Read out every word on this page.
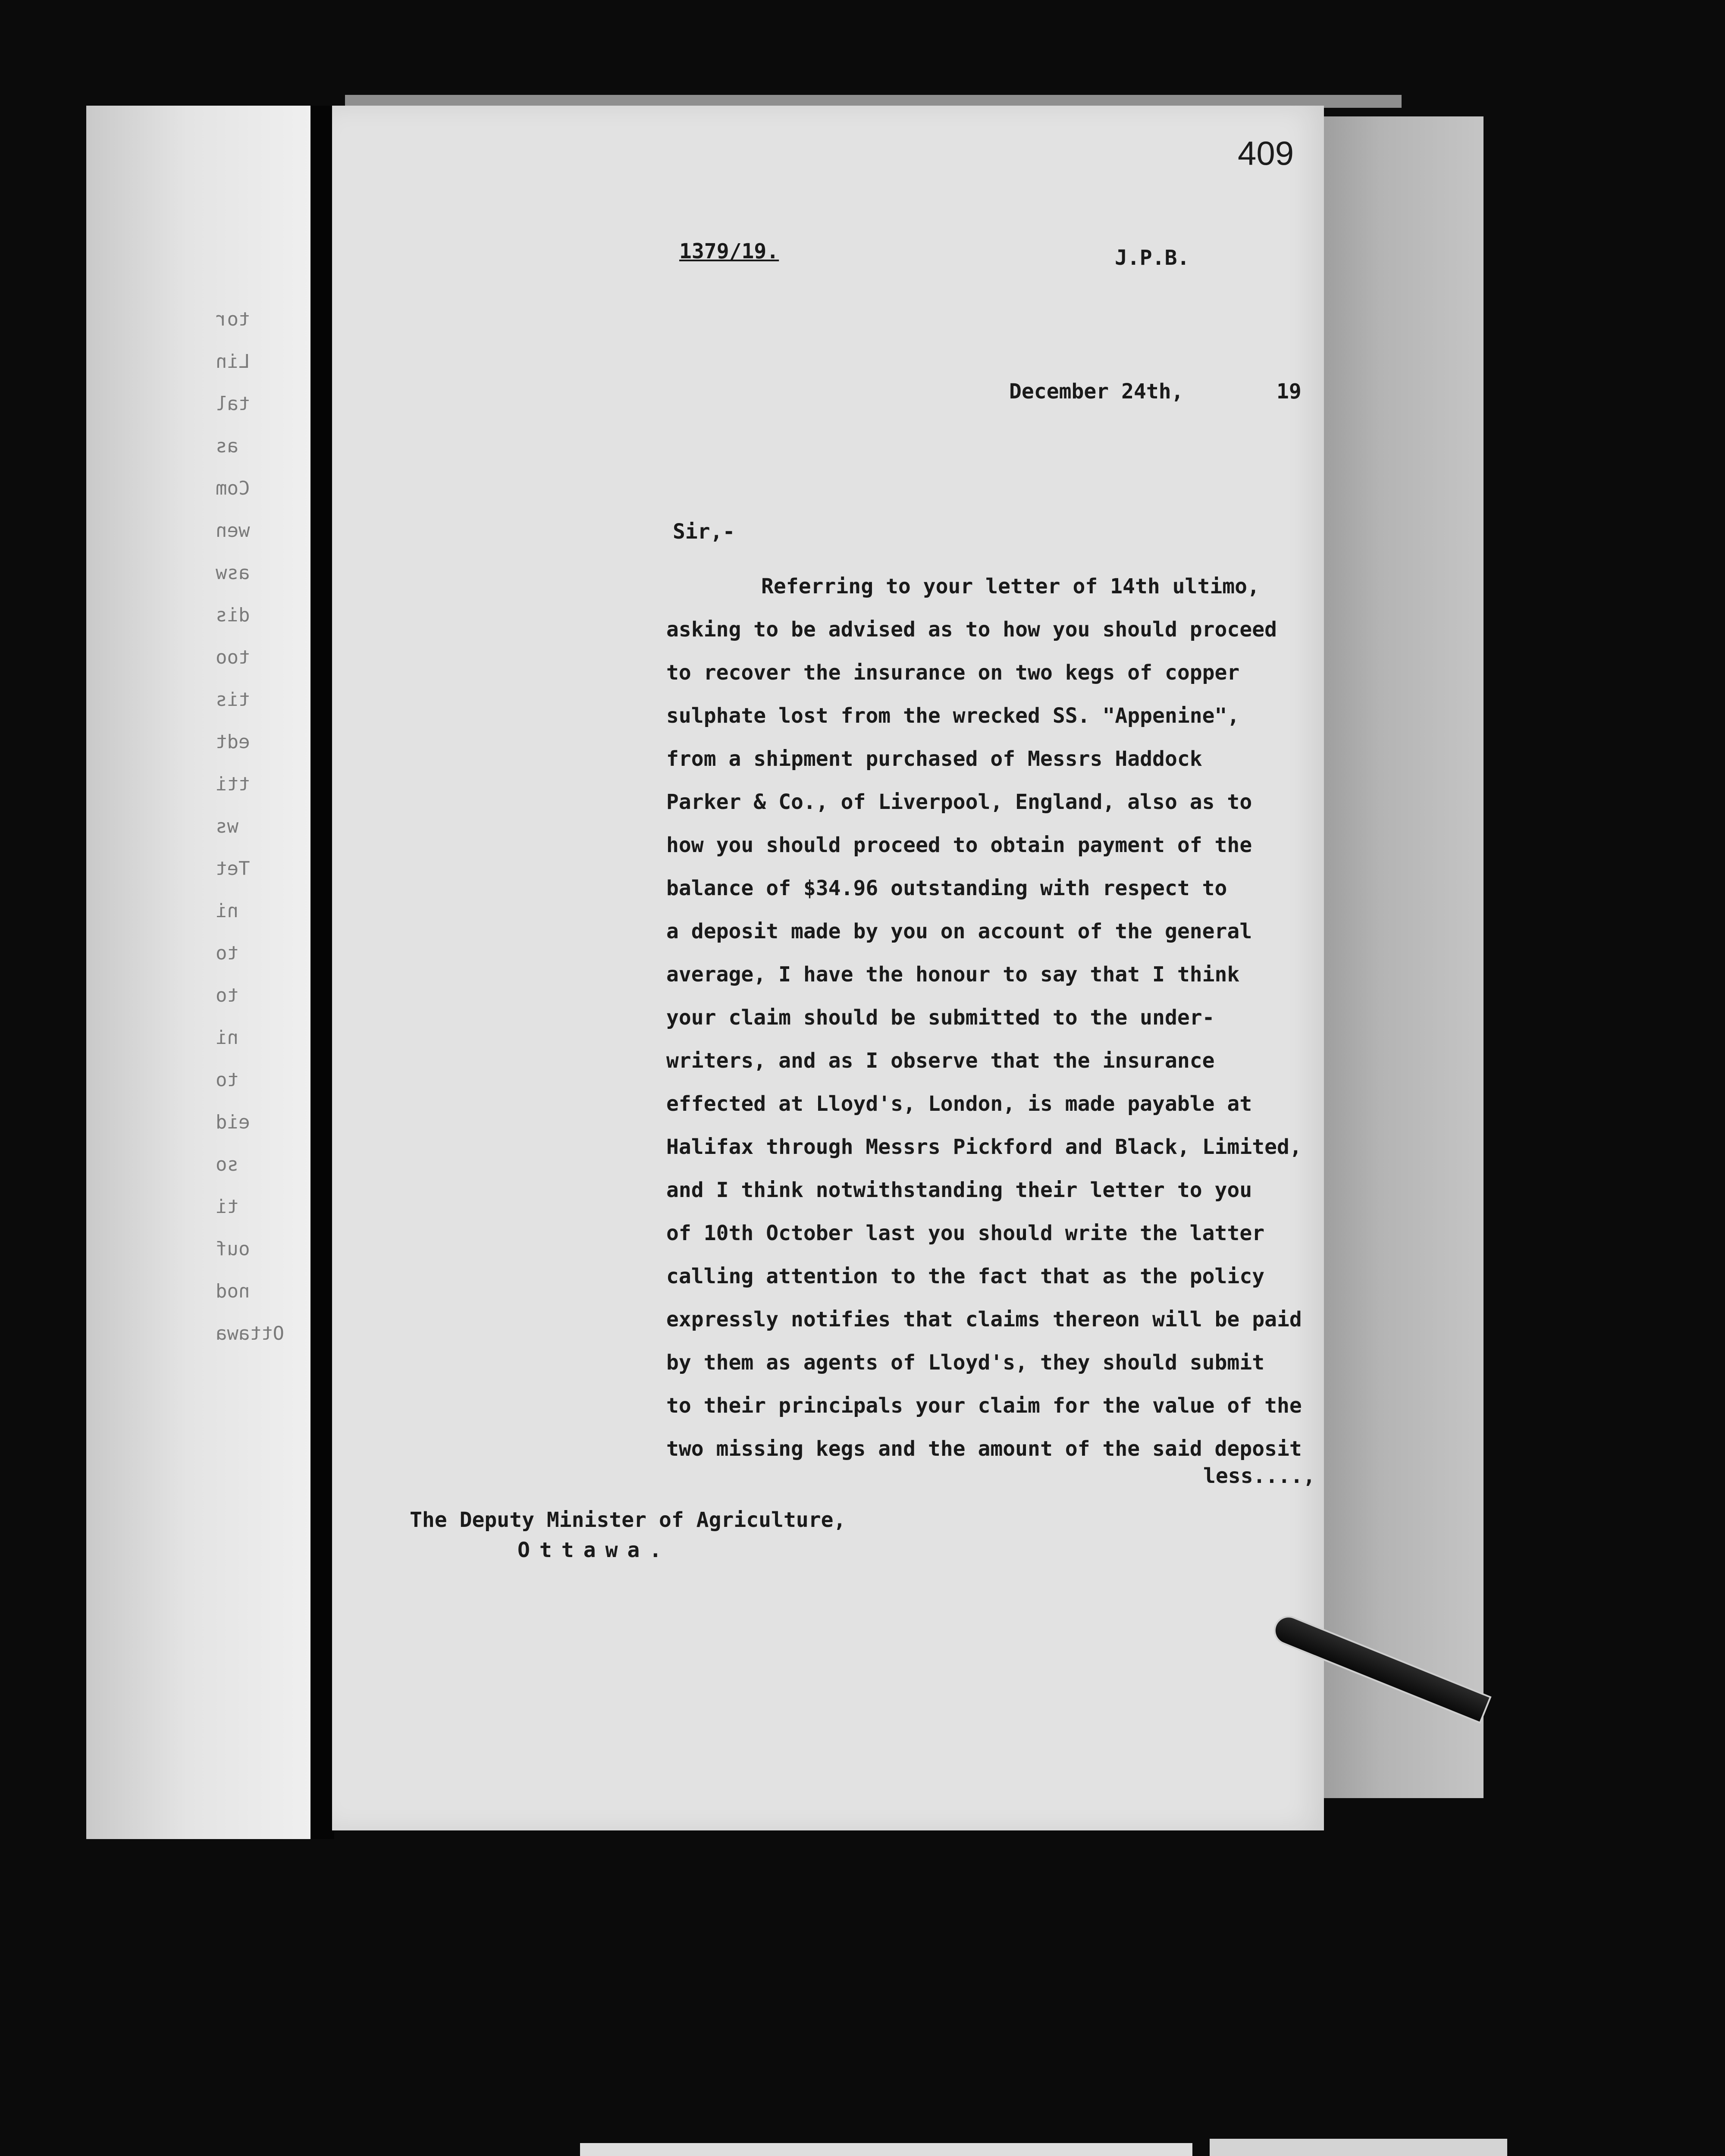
tor
Lin
tal
as
Com
wen
asw
dis
too
tis
edt
tti
ws
Tet
ni
to
to
ni
to
eid
so
ti
ouf
nod
Ottawa
409
1379/19.	J.P.B.
December 24th,	19
Sir,-
Referring to your letter of 14th ultimo,
asking to be advised as to how you should proceed
to recover the insurance on two kegs of copper
sulphate lost from the wrecked SS. "Appenine",
from a shipment purchased of Messrs Haddock
Parker & Co., of Liverpool, England, also as to
how you should proceed to obtain payment of the
balance of $34.96 outstanding with respect to
a deposit made by you on account of the general
average, I have the honour to say that I think
your claim should be submitted to the under-
writers, and as I observe that the insurance
effected at Lloyd's, London, is made payable at
Halifax through Messrs Pickford and Black, Limited,
and I think notwithstanding their letter to you
of 10th October last you should write the latter
calling attention to the fact that as the policy
expressly notifies that claims thereon will be paid
by them as agents of Lloyd's, they should submit
to their principals your claim for the value of the
two missing kegs and the amount of the said deposit
less....,
The Deputy Minister of Agriculture,
Ottawa.
